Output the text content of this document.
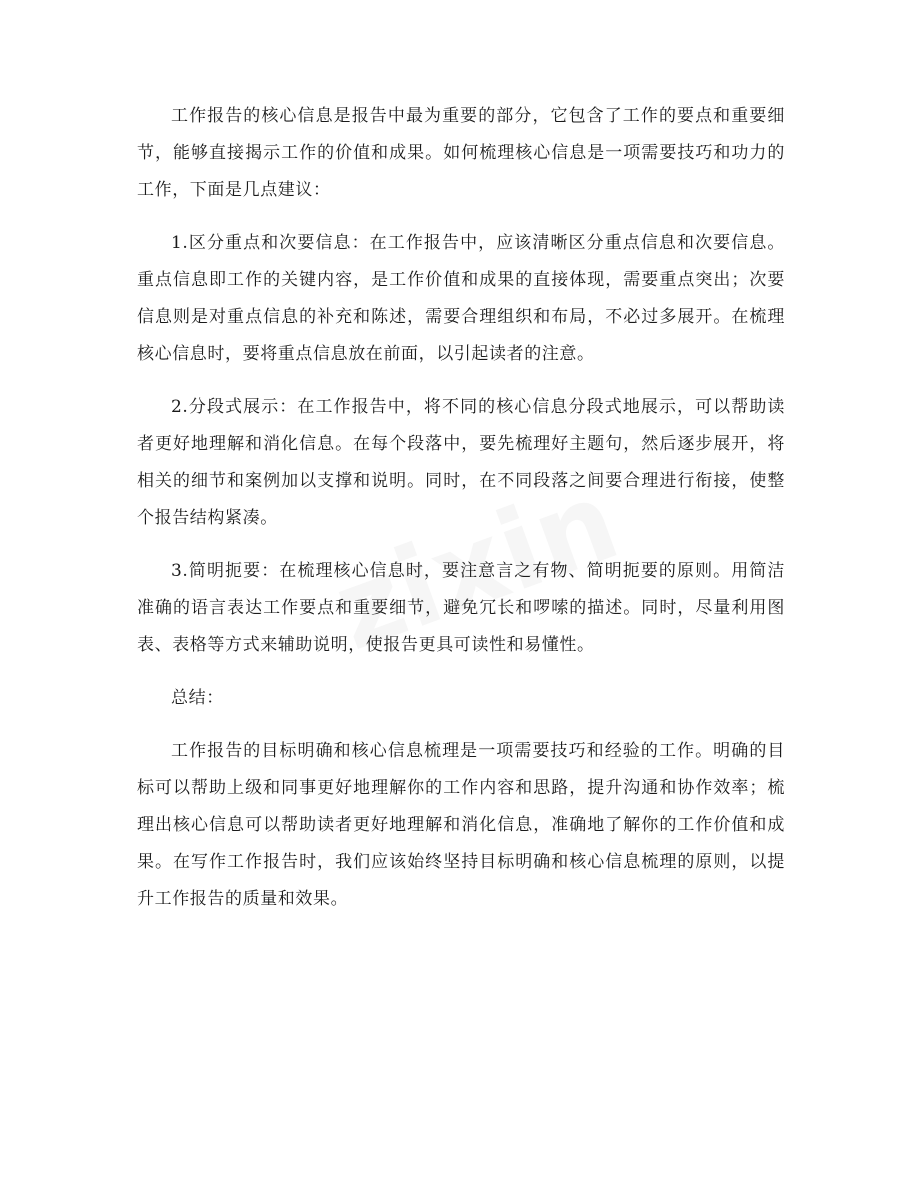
工作报告的核心信息是报告中最为重要的部分，它包含了工作的要点和重要细节，能够直接揭示工作的价值和成果。如何梳理核心信息是一项需要技巧和功力的工作，下面是几点建议：

1.区分重点和次要信息：在工作报告中，应该清晰区分重点信息和次要信息。重点信息即工作的关键内容，是工作价值和成果的直接体现，需要重点突出；次要信息则是对重点信息的补充和陈述，需要合理组织和布局，不必过多展开。在梳理核心信息时，要将重点信息放在前面，以引起读者的注意。

2.分段式展示：在工作报告中，将不同的核心信息分段式地展示，可以帮助读者更好地理解和消化信息。在每个段落中，要先梳理好主题句，然后逐步展开，将相关的细节和案例加以支撑和说明。同时，在不同段落之间要合理进行衔接，使整个报告结构紧凑。

3.简明扼要：在梳理核心信息时，要注意言之有物、简明扼要的原则。用简洁准确的语言表达工作要点和重要细节，避免冗长和啰嗦的描述。同时，尽量利用图表、表格等方式来辅助说明，使报告更具可读性和易懂性。

总结：

工作报告的目标明确和核心信息梳理是一项需要技巧和经验的工作。明确的目标可以帮助上级和同事更好地理解你的工作内容和思路，提升沟通和协作效率；梳理出核心信息可以帮助读者更好地理解和消化信息，准确地了解你的工作价值和成果。在写作工作报告时，我们应该始终坚持目标明确和核心信息梳理的原则，以提升工作报告的质量和效果。
